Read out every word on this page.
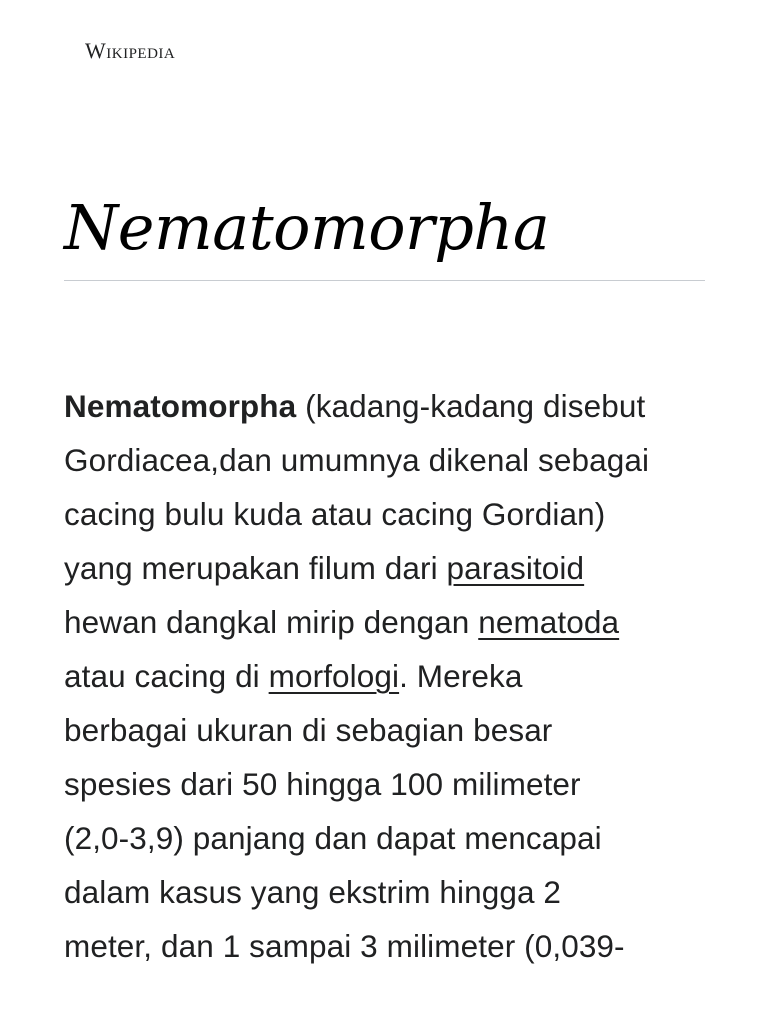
Wikipedia
Nematomorpha
Nematomorpha (kadang-kadang disebut
Gordiacea,dan umumnya dikenal sebagai
cacing bulu kuda atau cacing Gordian)
yang merupakan filum dari parasitoid
hewan dangkal mirip dengan nematoda
atau cacing di morfologi. Mereka
berbagai ukuran di sebagian besar
spesies dari 50 hingga 100 milimeter
(2,0-3,9) panjang dan dapat mencapai
dalam kasus yang ekstrim hingga 2
meter, dan 1 sampai 3 milimeter (0,039-
